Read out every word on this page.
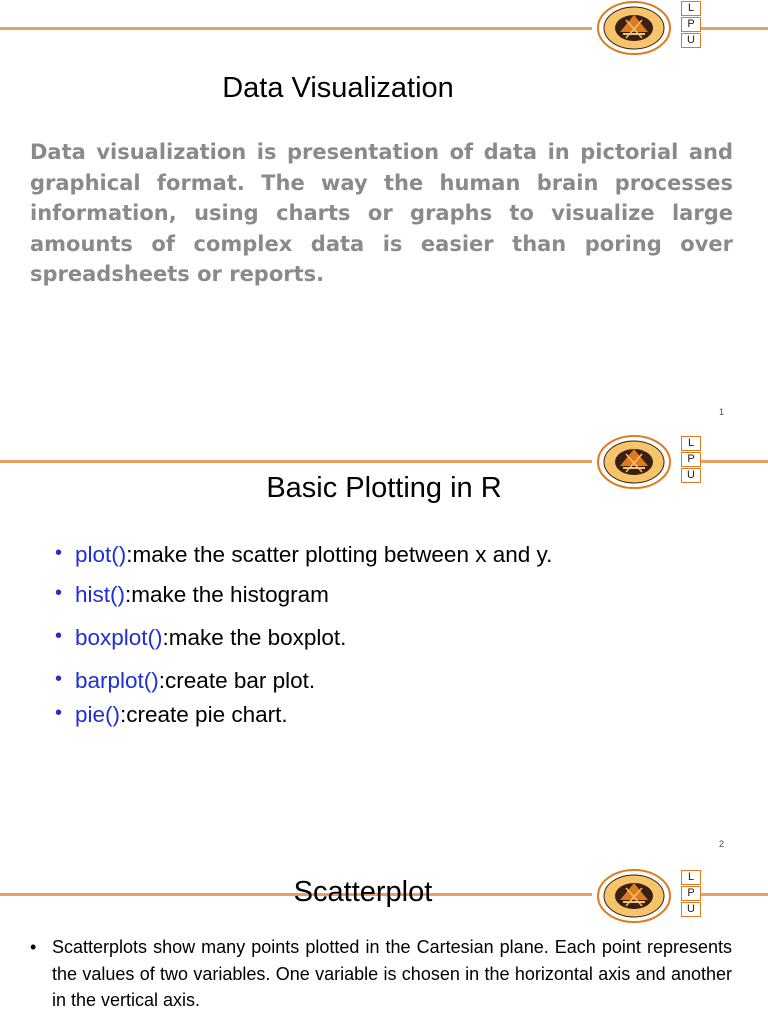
L
P
U
Data Visualization

Data visualization is presentation of data in pictorial and graphical format. The way the human brain processes information, using charts or graphs to visualize large amounts of complex data is easier than poring over spreadsheets or reports.

1
L
P
U
Basic Plotting in R
• plot():make the scatter plotting between x and y.
• hist():make the histogram
• boxplot():make the boxplot.
• barplot():create bar plot.
• pie():create pie chart.
2
L
P
U
Scatterplot
• Scatterplots show many points plotted in the Cartesian plane. Each point represents the values of two variables. One variable is chosen in the horizontal axis and another in the vertical axis.
